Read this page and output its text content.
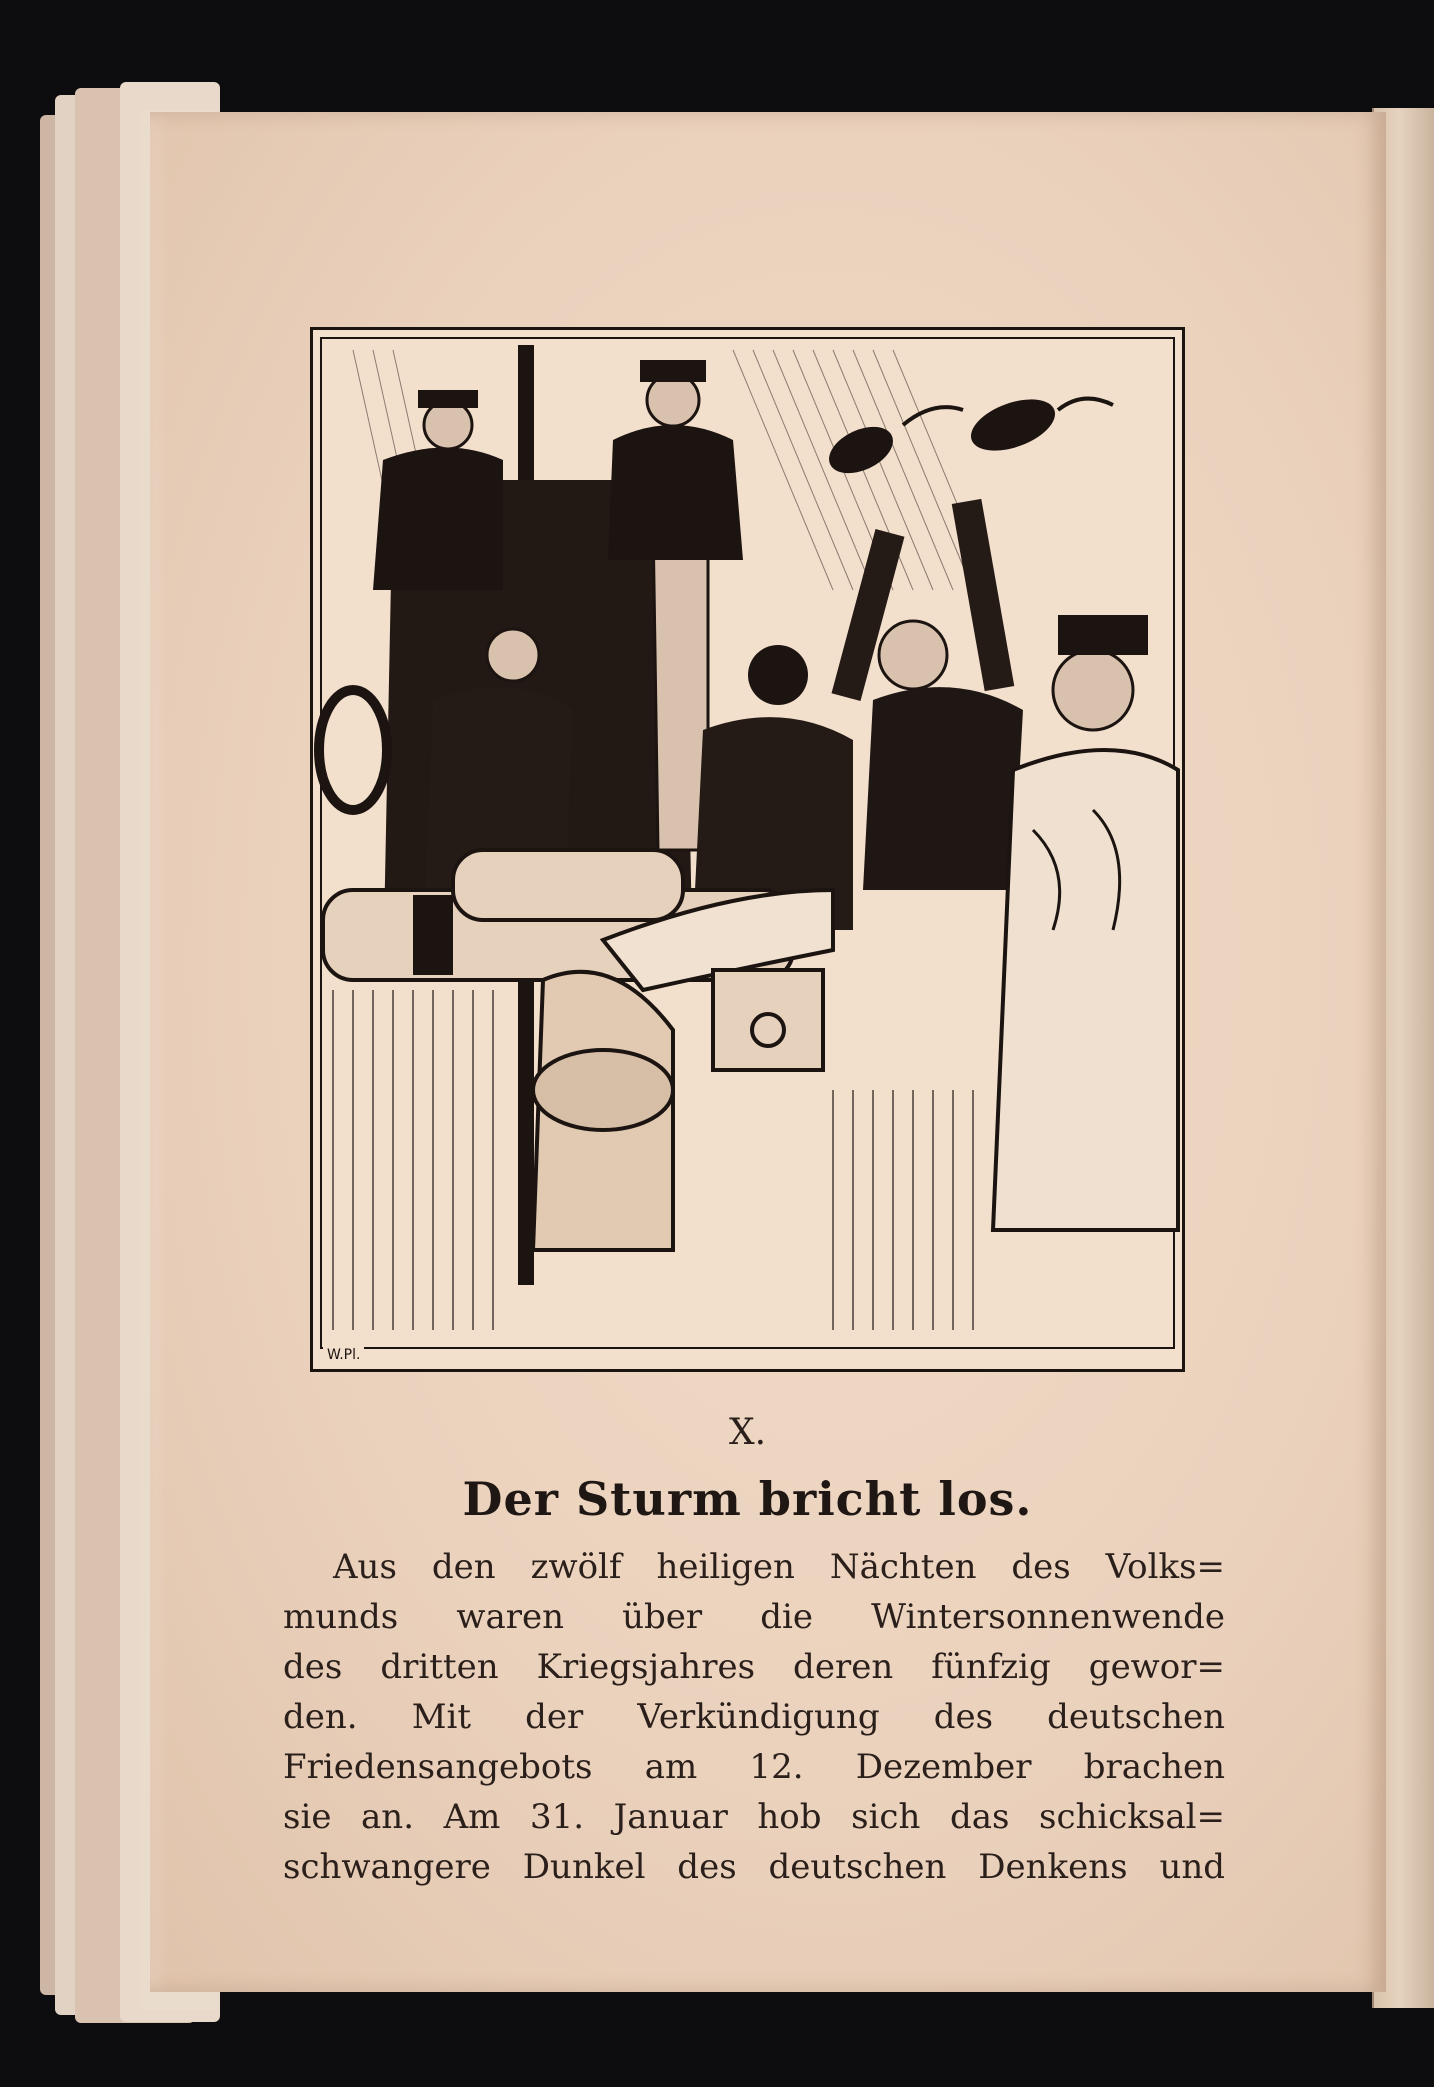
W.Pl.
X.
Der Sturm bricht los.
Aus den zwölf heiligen Nächten des Volks=
munds waren über die Wintersonnenwende
des dritten Kriegsjahres deren fünfzig gewor=
den. Mit der Verkündigung des deutschen
Friedensangebots am 12. Dezember brachen
sie an. Am 31. Januar hob sich das schicksal=
schwangere Dunkel des deutschen Denkens und
